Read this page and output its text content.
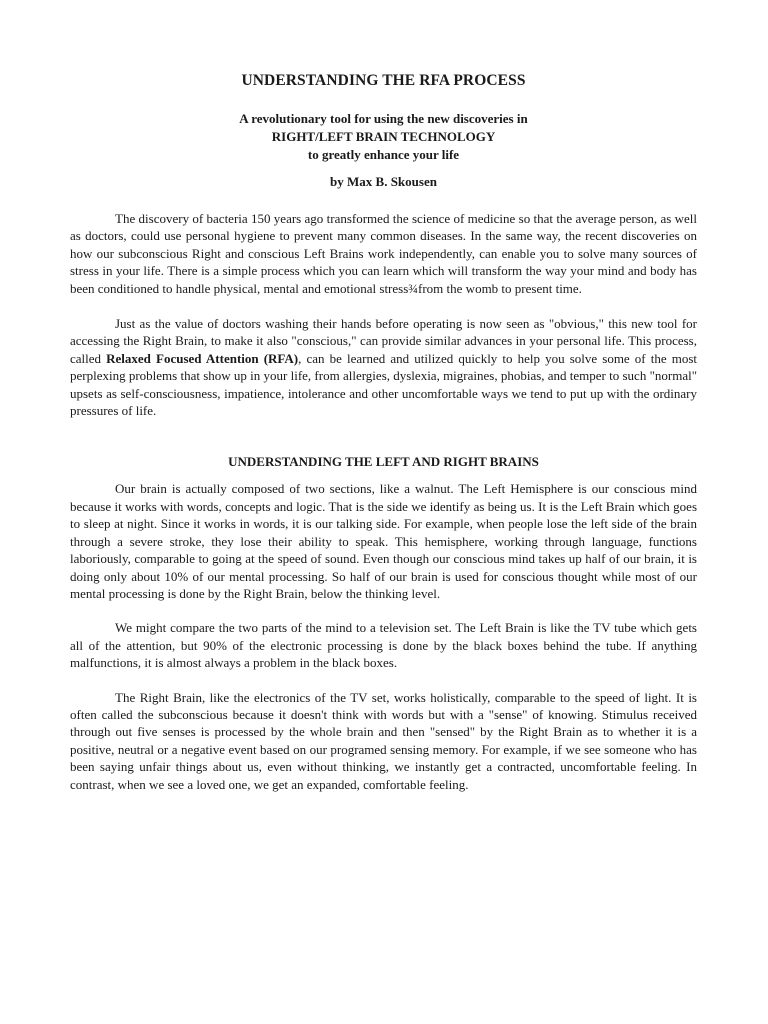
UNDERSTANDING THE RFA PROCESS

A revolutionary tool for using the new discoveries in

RIGHT/LEFT BRAIN TECHNOLOGY

to greatly enhance your life

by Max B. Skousen

The discovery of bacteria 150 years ago transformed the science of medicine so that the average person, as well as doctors, could use personal hygiene to prevent many common diseases. In the same way, the recent discoveries on how our subconscious Right and conscious Left Brains work independently, can enable you to solve many sources of stress in your life. There is a simple process which you can learn which will transform the way your mind and body has been conditioned to handle physical, mental and emotional stress¾from the womb to present time.

Just as the value of doctors washing their hands before operating is now seen as "obvious," this new tool for accessing the Right Brain, to make it also "conscious," can provide similar advances in your personal life. This process, called Relaxed Focused Attention (RFA), can be learned and utilized quickly to help you solve some of the most perplexing problems that show up in your life, from allergies, dyslexia, migraines, phobias, and temper to such "normal" upsets as self-consciousness, impatience, intolerance and other uncomfortable ways we tend to put up with the ordinary pressures of life.

UNDERSTANDING THE LEFT AND RIGHT BRAINS

Our brain is actually composed of two sections, like a walnut. The Left Hemisphere is our conscious mind because it works with words, concepts and logic. That is the side we identify as being us. It is the Left Brain which goes to sleep at night. Since it works in words, it is our talking side. For example, when people lose the left side of the brain through a severe stroke, they lose their ability to speak. This hemisphere, working through language, functions laboriously, comparable to going at the speed of sound. Even though our conscious mind takes up half of our brain, it is doing only about 10% of our mental processing. So half of our brain is used for conscious thought while most of our mental processing is done by the Right Brain, below the thinking level.

We might compare the two parts of the mind to a television set. The Left Brain is like the TV tube which gets all of the attention, but 90% of the electronic processing is done by the black boxes behind the tube. If anything malfunctions, it is almost always a problem in the black boxes.

The Right Brain, like the electronics of the TV set, works holistically, comparable to the speed of light. It is often called the subconscious because it doesn't think with words but with a "sense" of knowing. Stimulus received through out five senses is processed by the whole brain and then "sensed" by the Right Brain as to whether it is a positive, neutral or a negative event based on our programed sensing memory. For example, if we see someone who has been saying unfair things about us, even without thinking, we instantly get a contracted, uncomfortable feeling. In contrast, when we see a loved one, we get an expanded, comfortable feeling.
